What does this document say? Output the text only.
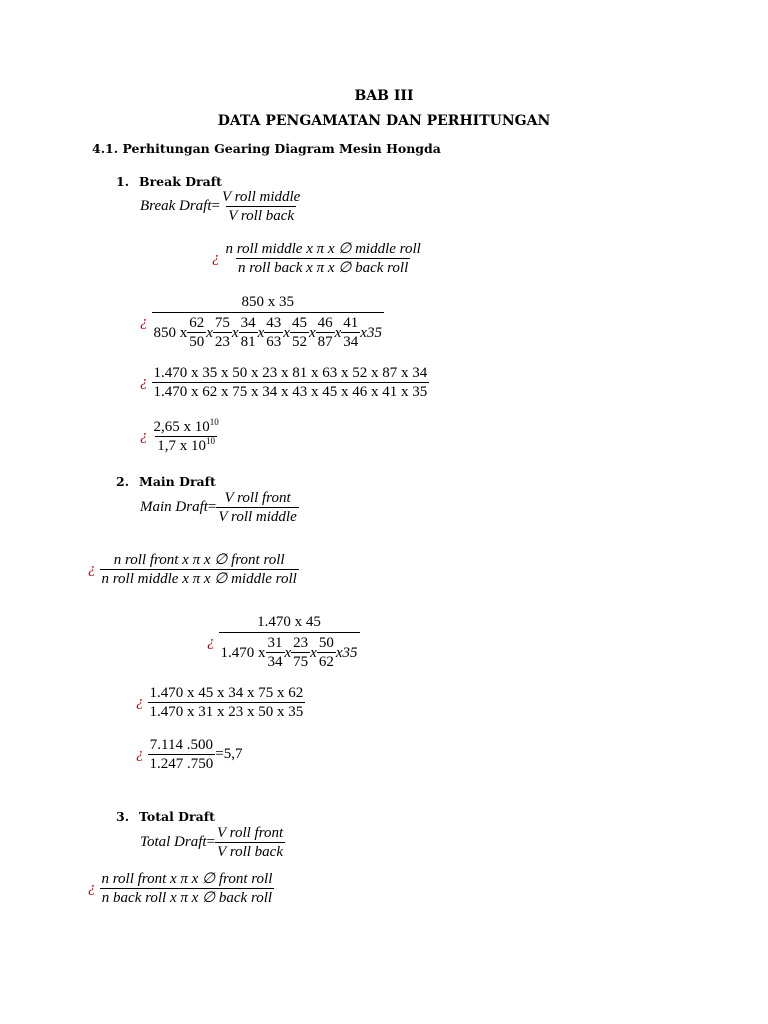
BAB III
DATA PENGAMATAN DAN PERHITUNGAN
4.1. Perhitungan Gearing Diagram Mesin Hongda
1. Break Draft
Break Draft = $\frac{\text{V roll middle}}{\text{V roll back}}$
¿ $\frac{\text{n roll middle x π x ∅ middle roll}}{\text{n roll back x π x ∅ back roll}}$
¿
850 x 35
850 x $\frac{62}{50}$ x $\frac{75}{23}$ x $\frac{34}{81}$ x $\frac{43}{63}$ x $\frac{45}{52}$ x $\frac{46}{87}$ x $\frac{41}{34} x35$
¿ $\frac{1.470 x 35 x 50 x 23 x 81 x 63 x 52 x 87 x 34}{1.470 x 62 x 75 x 34 x 43 x 45 x 46 x 41 x 35}$
¿ $\frac{2,65 x 10^{10}}{1,7 x 10^{10}}$
2. Main Draft
Main Draft = $\frac{\text{V roll front}}{\text{V roll middle}}$
¿ $\frac{\text{n roll front x π x ∅ front roll}}{\text{n roll middle x π x ∅ middle roll}}$
¿
1.470 x 45
1.470 x $\frac{31}{34}$ x $\frac{23}{75}$ x $\frac{50}{62} x35$
¿ $\frac{1.470 x 45 x 34 x 75 x 62}{1.470 x 31 x 23 x 50 x 35}$
¿ $\frac{7.114 .500}{1.247 .750} =5,7$
3. Total Draft
Total Draft = $\frac{\text{V roll front}}{\text{V roll back}}$
¿ $\frac{\text{n roll front x π x ∅ front roll}}{\text{n back roll x π x ∅ back roll}}$
